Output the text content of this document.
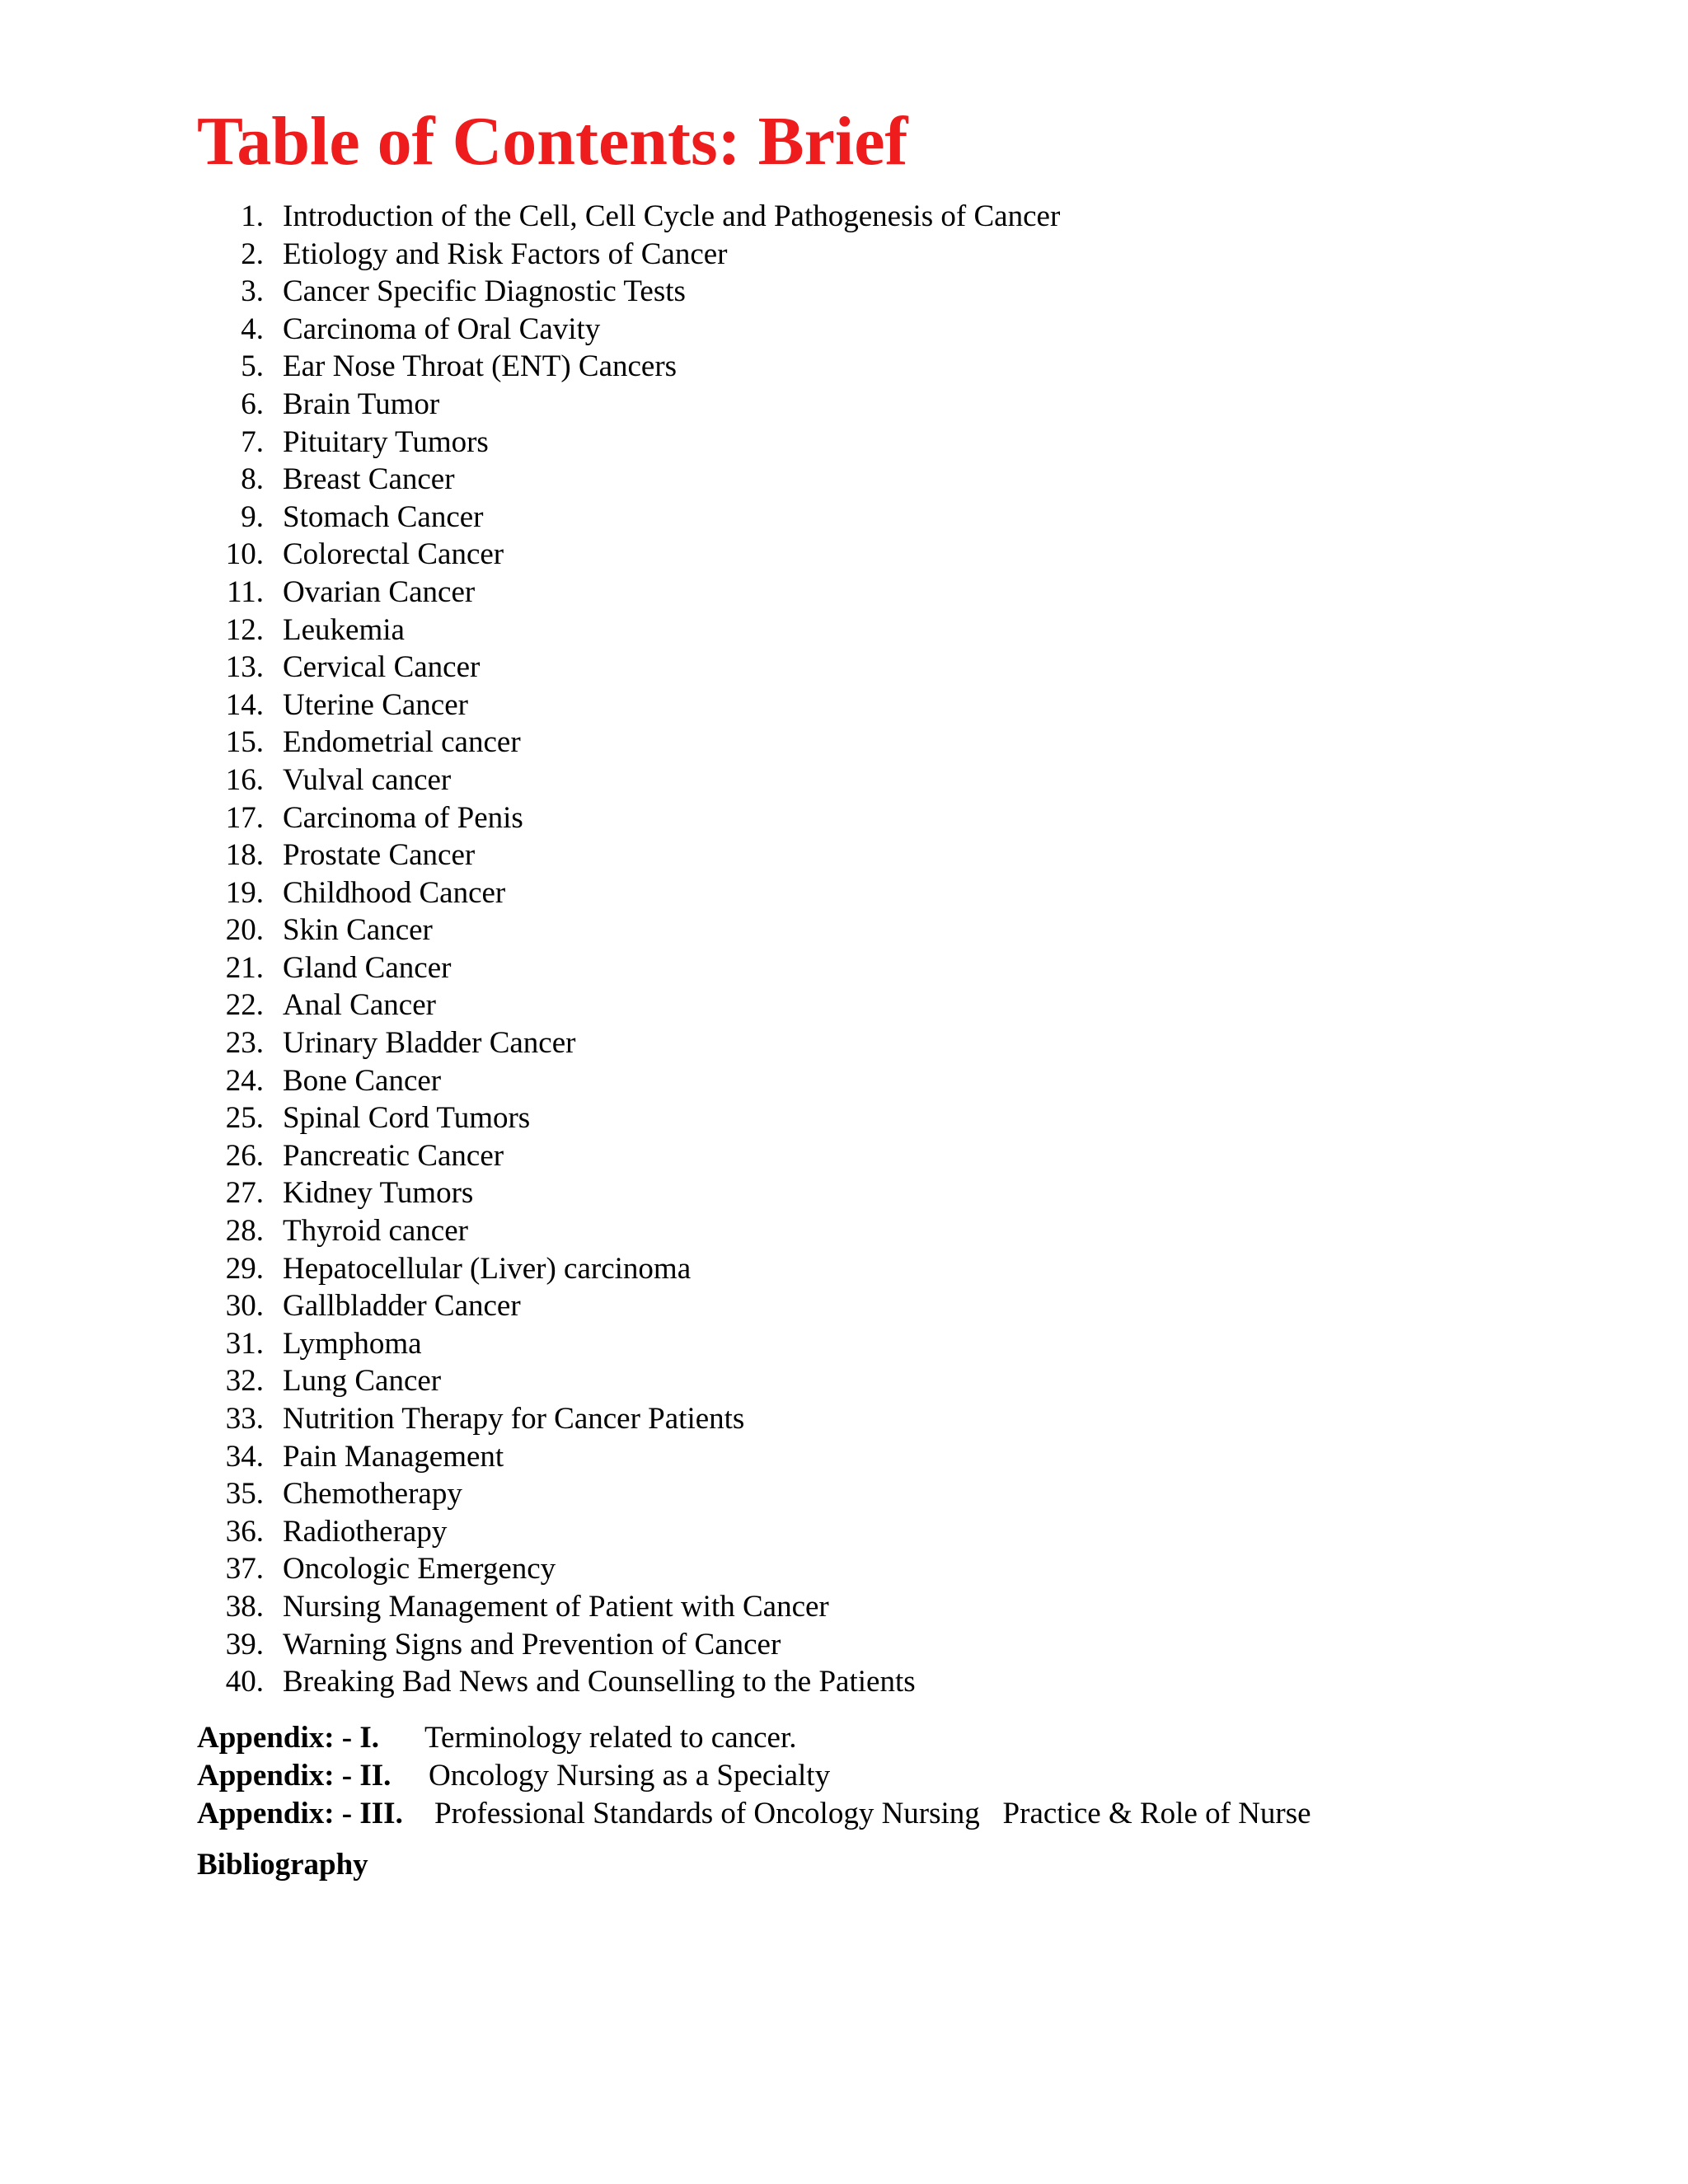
Table of Contents: Brief
1. Introduction of the Cell, Cell Cycle and Pathogenesis of Cancer
2. Etiology and Risk Factors of Cancer
3. Cancer Specific Diagnostic Tests
4. Carcinoma of Oral Cavity
5. Ear Nose Throat (ENT) Cancers
6. Brain Tumor
7. Pituitary Tumors
8. Breast Cancer
9. Stomach Cancer
10. Colorectal Cancer
11. Ovarian Cancer
12. Leukemia
13. Cervical Cancer
14. Uterine Cancer
15. Endometrial cancer
16. Vulval cancer
17. Carcinoma of Penis
18. Prostate Cancer
19. Childhood Cancer
20. Skin Cancer
21. Gland Cancer
22. Anal Cancer
23. Urinary Bladder Cancer
24. Bone Cancer
25. Spinal Cord Tumors
26. Pancreatic Cancer
27. Kidney Tumors
28. Thyroid cancer
29. Hepatocellular (Liver) carcinoma
30. Gallbladder Cancer
31. Lymphoma
32. Lung Cancer
33. Nutrition Therapy for Cancer Patients
34. Pain Management
35. Chemotherapy
36. Radiotherapy
37. Oncologic Emergency
38. Nursing Management of Patient with Cancer
39. Warning Signs and Prevention of Cancer
40. Breaking Bad News and Counselling to the Patients
Appendix: - I. Terminology related to cancer.
Appendix: - II. Oncology Nursing as a Specialty
Appendix: - III. Professional Standards of Oncology Nursing   Practice & Role of Nurse
Bibliography
